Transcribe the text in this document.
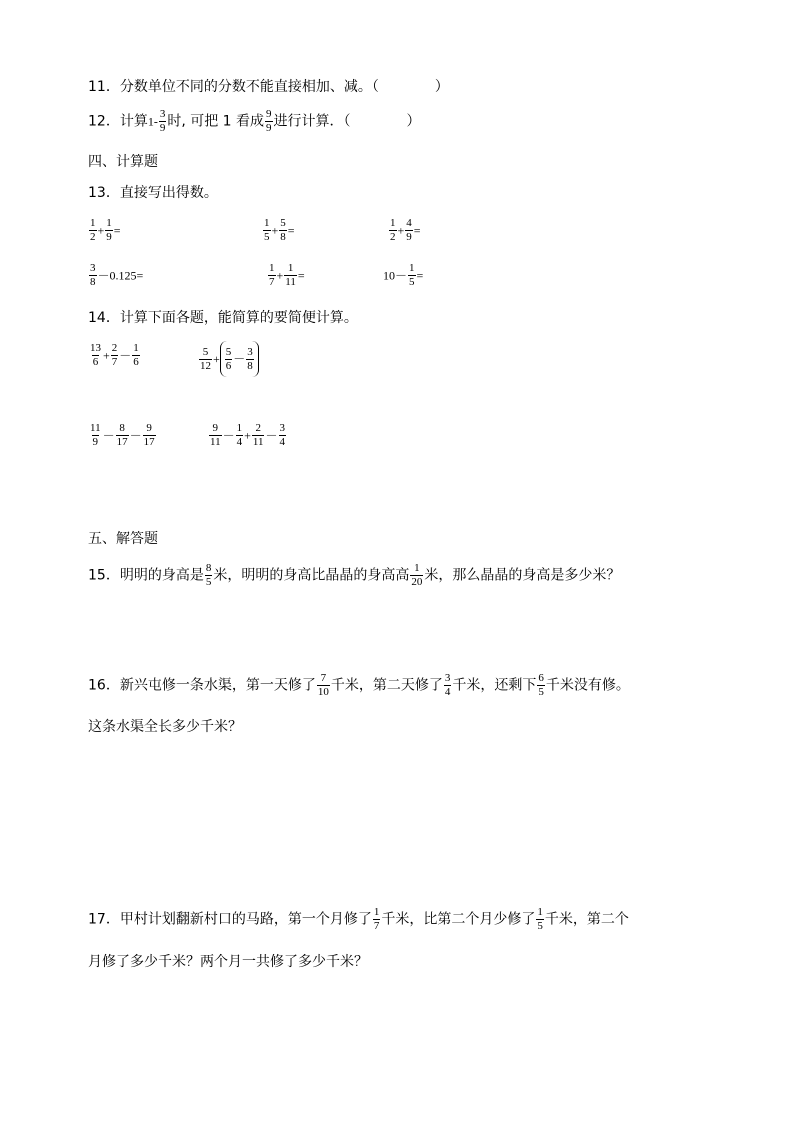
11．分数单位不同的分数不能直接相加、减。（　　　　）
12．计算$1- \frac{3}{9}$ 时, 可把 1 看成 $\frac{9}{9}$ 进行计算．（　　　　）
四、计算题
13．直接写出得数。
$\frac{1}{2} + \frac{1}{9}$ =	$\frac{1}{5} + \frac{5}{8}$ =	$\frac{1}{2} + \frac{4}{9}$ =
$\frac{3}{8} -0.125=$	$\frac{1}{7} + \frac{1}{11}$ =	$10- \frac{1}{5}$ =
14．计算下面各题，能简算的要简便计算。
$\frac{13}{6} + \frac{2}{7} - \frac{1}{6}$	$\frac{5}{12} + \frac{5}{6} - \frac{3}{8}$
$\frac{11}{9} - \frac{8}{17} - \frac{9}{17}$	$\frac{9}{11} - \frac{1}{4} + \frac{2}{11} - \frac{3}{4}$
五、解答题
15．明明的身高是 $\frac{8}{5}$ 米，明明的身高比晶晶的身高高 $\frac{1}{20}$ 米，那么晶晶的身高是多少米？
16．新兴屯修一条水渠，第一天修了 $\frac{7}{10}$ 千米，第二天修了 $\frac{3}{4}$ 千米，还剩下 $\frac{6}{5}$ 千米没有修。
这条水渠全长多少千米？
17．甲村计划翻新村口的马路，第一个月修了 $\frac{1}{7}$ 千米，比第二个月少修了 $\frac{1}{5}$ 千米，第二个
月修了多少千米？两个月一共修了多少千米？
